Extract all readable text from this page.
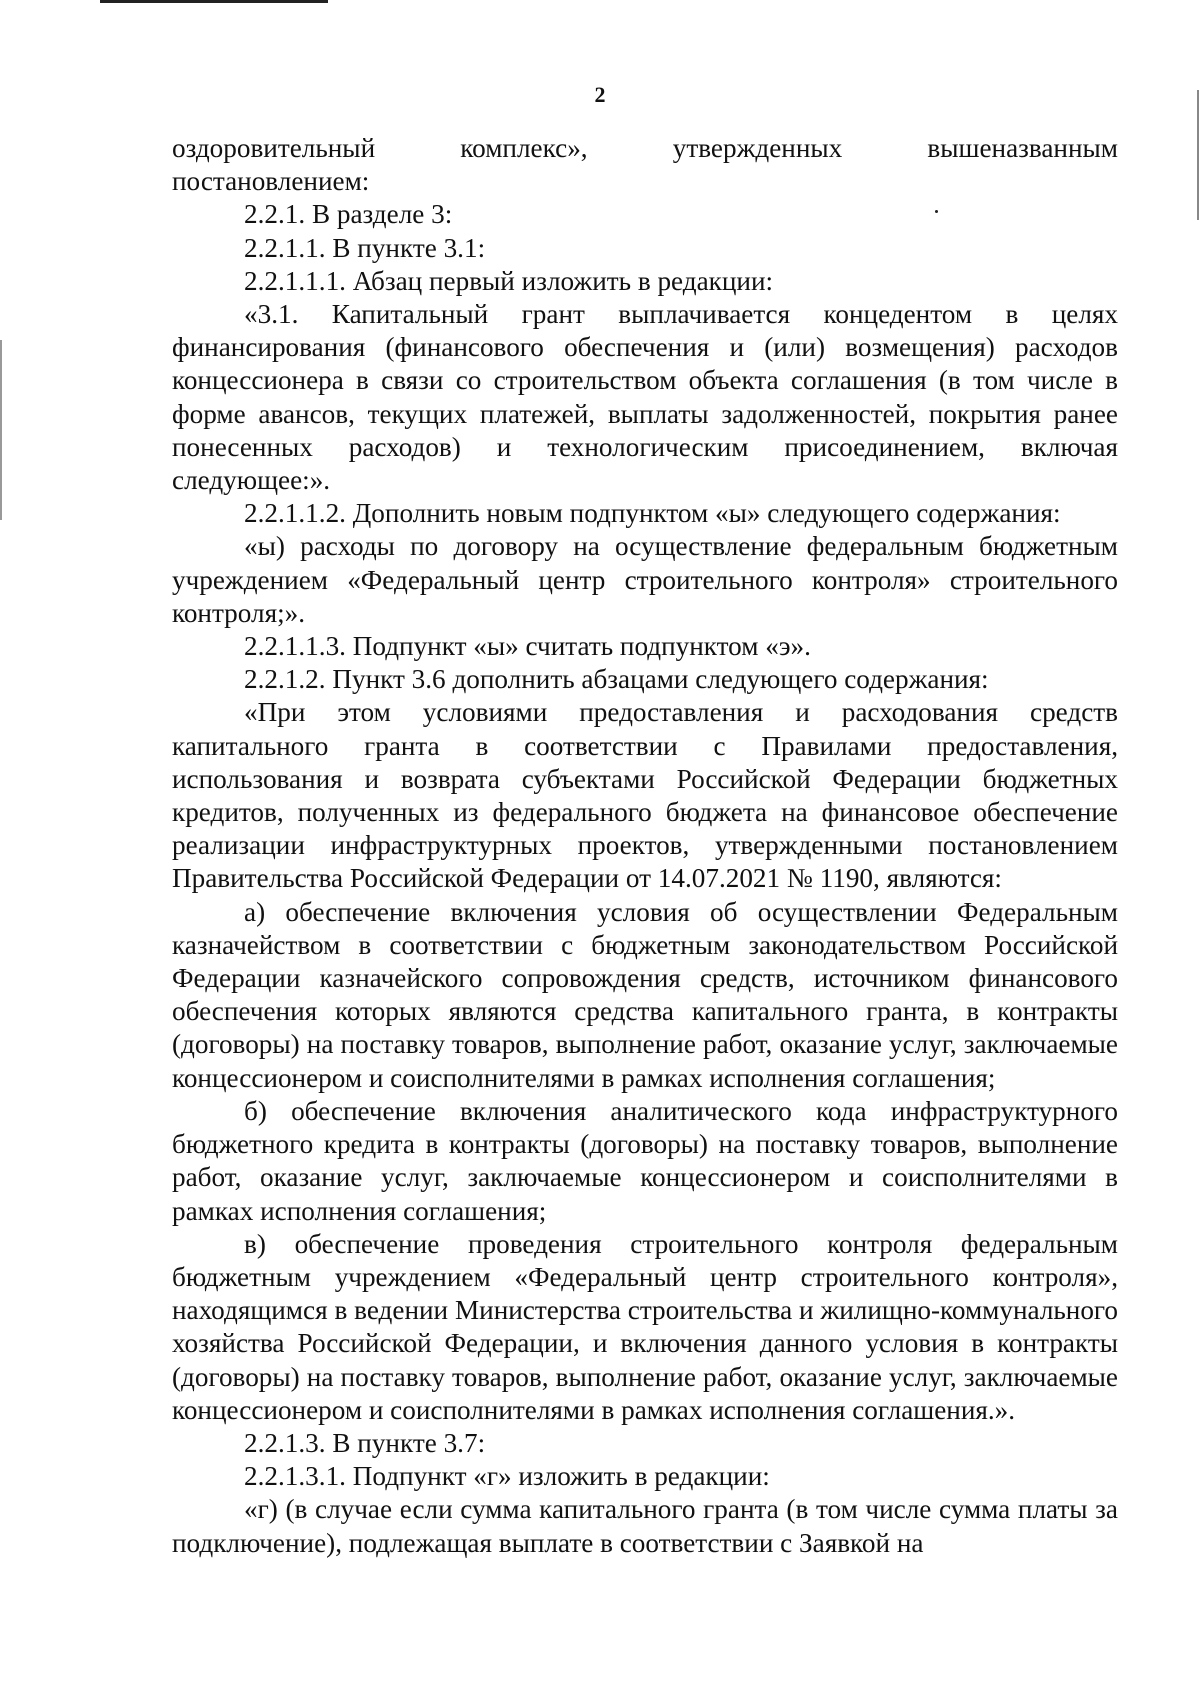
2

оздоровительный комплекс», утвержденных вышеназванным

постановлением:

2.2.1. В разделе 3:

2.2.1.1. В пункте 3.1:

2.2.1.1.1. Абзац первый изложить в редакции:

«3.1. Капитальный грант выплачивается концедентом в целях финансирования (финансового обеспечения и (или) возмещения) расходов концессионера в связи со строительством объекта соглашения (в том числе в форме авансов, текущих платежей, выплаты задолженностей, покрытия ранее понесенных расходов) и технологическим присоединением, включая следующее:».

2.2.1.1.2. Дополнить новым подпунктом «ы» следующего содержания:

«ы) расходы по договору на осуществление федеральным бюджетным учреждением «Федеральный центр строительного контроля» строительного контроля;».

2.2.1.1.3. Подпункт «ы» считать подпунктом «э».

2.2.1.2. Пункт 3.6 дополнить абзацами следующего содержания:

«При этом условиями предоставления и расходования средств капитального гранта в соответствии с Правилами предоставления, использования и возврата субъектами Российской Федерации бюджетных кредитов, полученных из федерального бюджета на финансовое обеспечение реализации инфраструктурных проектов, утвержденными постановлением Правительства Российской Федерации от 14.07.2021 № 1190, являются:

а) обеспечение включения условия об осуществлении Федеральным казначейством в соответствии с бюджетным законодательством Российской Федерации казначейского сопровождения средств, источником финансового обеспечения которых являются средства капитального гранта, в контракты (договоры) на поставку товаров, выполнение работ, оказание услуг, заключаемые концессионером и соисполнителями в рамках исполнения соглашения;

б) обеспечение включения аналитического кода инфраструктурного бюджетного кредита в контракты (договоры) на поставку товаров, выполнение работ, оказание услуг, заключаемые концессионером и соисполнителями в рамках исполнения соглашения;

в) обеспечение проведения строительного контроля федеральным бюджетным учреждением «Федеральный центр строительного контроля», находящимся в ведении Министерства строительства и жилищно-коммунального хозяйства Российской Федерации, и включения данного условия в контракты (договоры) на поставку товаров, выполнение работ, оказание услуг, заключаемые концессионером и соисполнителями в рамках исполнения соглашения.».

2.2.1.3. В пункте 3.7:

2.2.1.3.1. Подпункт «г» изложить в редакции:

«г) (в случае если сумма капитального гранта (в том числе сумма платы за подключение), подлежащая выплате в соответствии с Заявкой на
